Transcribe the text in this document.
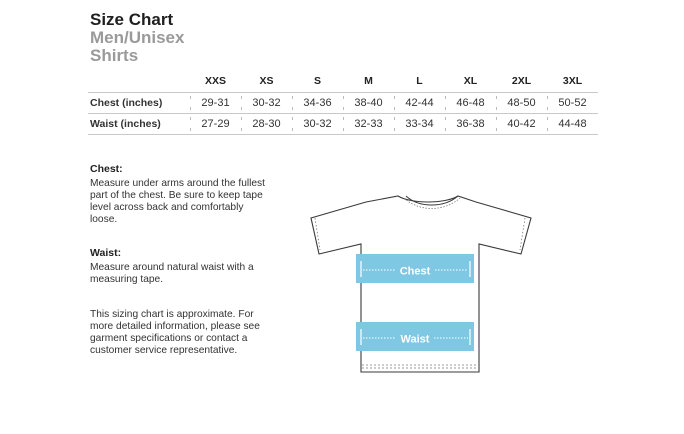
Size Chart
Men/Unisex
Shirts
	XXS	XS	S	M	L	XL	2XL	3XL
Chest (inches)	29-31	30-32	34-36	38-40	42-44	46-48	48-50	50-52
Waist (inches)	27-29	28-30	30-32	32-33	33-34	36-38	40-42	44-48
Chest:
Measure under arms around the fullest part of the chest. Be sure to keep tape level across back and comfortably loose.
Waist:
Measure around natural waist with a measuring tape.
This sizing chart is approximate. For more detailed information, please see garment specifications or contact a customer service representative.
Chest
Waist
